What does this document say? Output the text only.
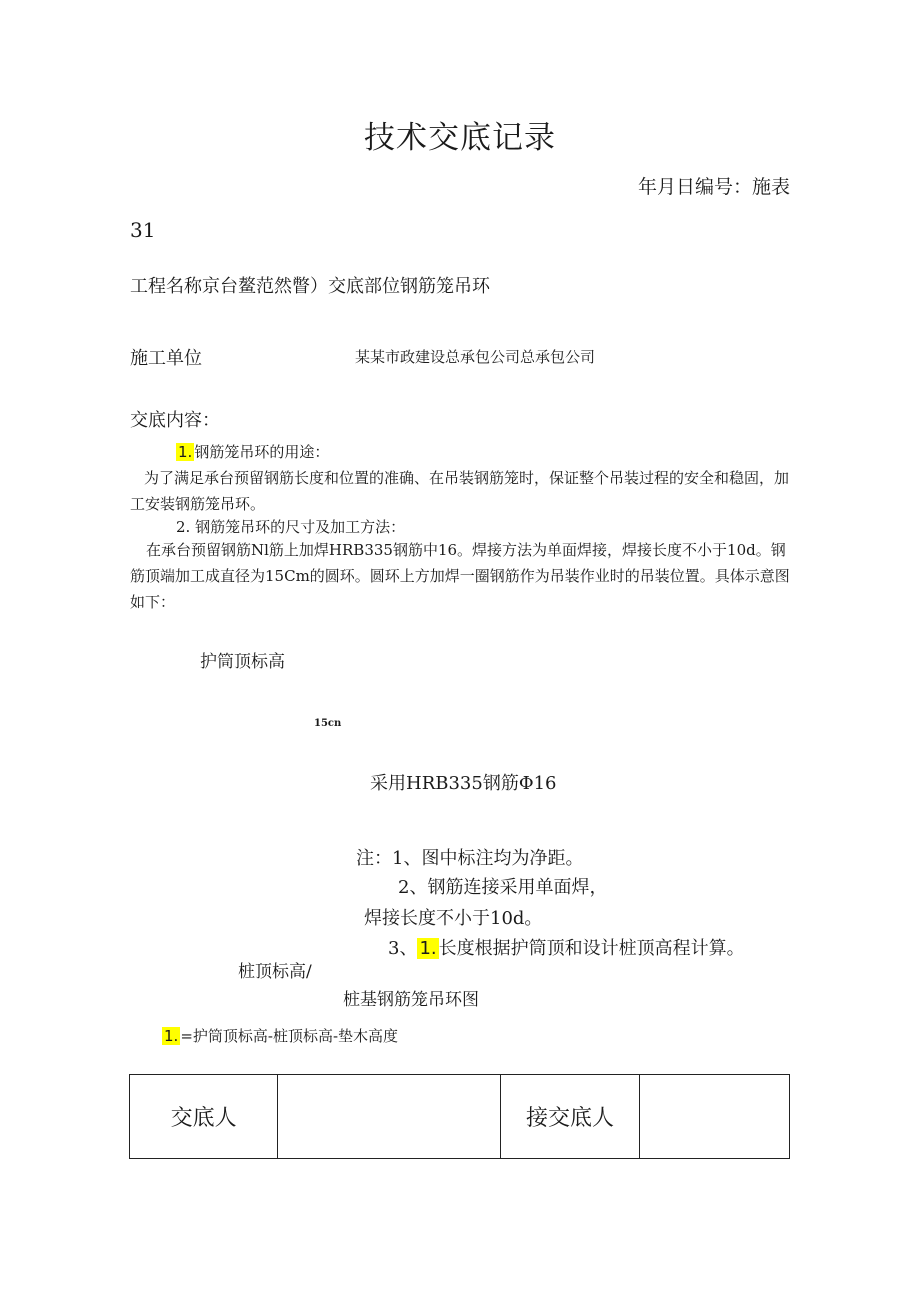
技术交底记录
年月日编号：施表
31
工程名称京台鳌范然瞥）交底部位钢筋笼吊环
施工单位	某某市政建设总承包公司总承包公司
交底内容：
1. 钢筋笼吊环的用途：
为了满足承台预留钢筋长度和位置的准确、在吊装钢筋笼时，保证整个吊装过程的安全和稳固，加工安装钢筋笼吊环。
2. 钢筋笼吊环的尺寸及加工方法：
在承台预留钢筋Nl筋上加焊HRB335钢筋中16。焊接方法为单面焊接，焊接长度不小于10d。钢筋顶端加工成直径为15Cm的圆环。圆环上方加焊一圈钢筋作为吊装作业时的吊装位置。具体示意图如下：
护筒顶标高
15cn
采用HRB335钢筋Φ16
注：1、图中标注均为净距。
2、钢筋连接采用单面焊，
焊接长度不小于10d。
3、 1. 长度根据护筒顶和设计桩顶高程计算。
桩顶标高/
桩基钢筋笼吊环图
1. =护筒顶标高-桩顶标高-垫木高度
交底人		接交底人	
